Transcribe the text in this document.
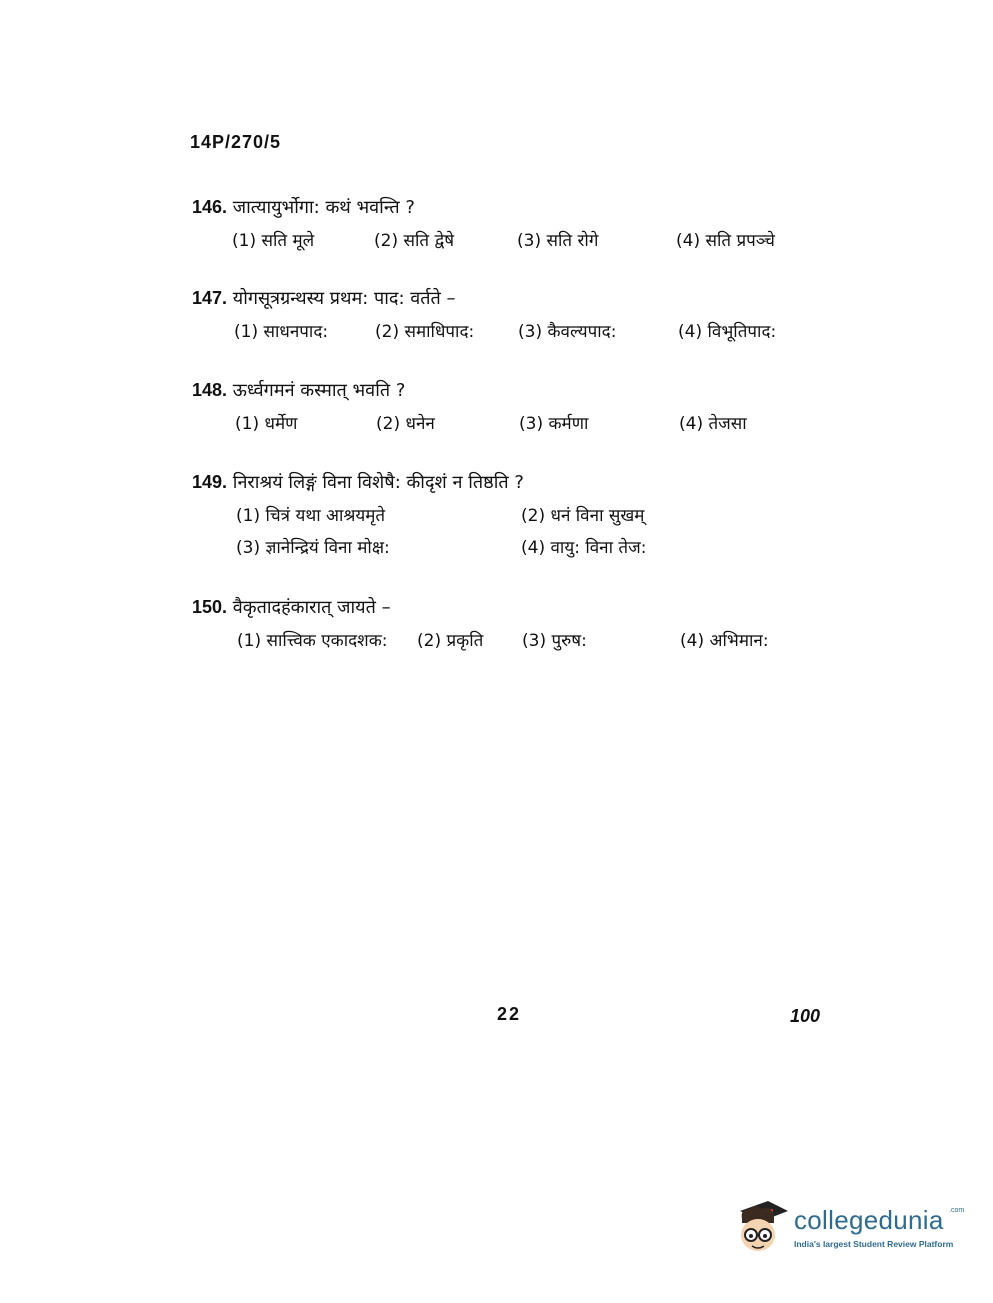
14P/270/5
146. जात्यायुर्भोगा: कथं भवन्ति ?
(1) सति मूले	(2) सति द्वेषे	(3) सति रोगे	(4) सति प्रपञ्चे
147. योगसूत्रग्रन्थस्य प्रथम: पाद: वर्तते –
(1) साधनपाद:	(2) समाधिपाद:	(3) कैवल्यपाद:	(4) विभूतिपाद:
148. ऊर्ध्वगमनं कस्मात् भवति ?
(1) धर्मेण	(2) धनेन	(3) कर्मणा	(4) तेजसा
149. निराश्रयं लिङ्गं विना विशेषै: कीदृशं न तिष्ठति ?
(1) चित्रं यथा आश्रयमृते	(2) धनं विना सुखम्
(3) ज्ञानेन्द्रियं विना मोक्ष:	(4) वायु: विना तेज:
150. वैकृतादहंकारात् जायते –
(1) सात्त्विक एकादशक: (2) प्रकृति (3) पुरुष:	(4) अभिमान:
22	100
collegedunia .com
India's largest Student Review Platform
